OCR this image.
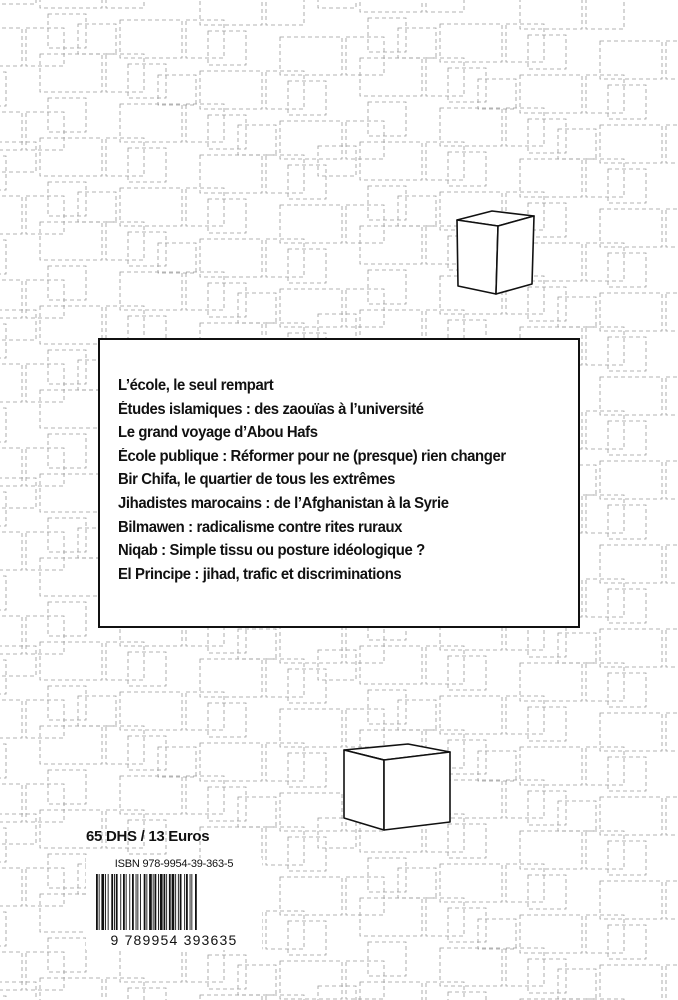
L’école, le seul rempart
Études islamiques : des zaouïas à l’université
Le grand voyage d’Abou Hafs
École publique : Réformer pour ne (presque) rien changer
Bir Chifa, le quartier de tous les extrêmes
Jihadistes marocains : de l’Afghanistan à la Syrie
Bilmawen : radicalisme contre rites ruraux
Niqab : Simple tissu ou posture idéologique ?
El Principe : jihad, trafic et discriminations
65 DHS / 13 Euros
ISBN 978-9954-39-363-5
9 789954 393635
